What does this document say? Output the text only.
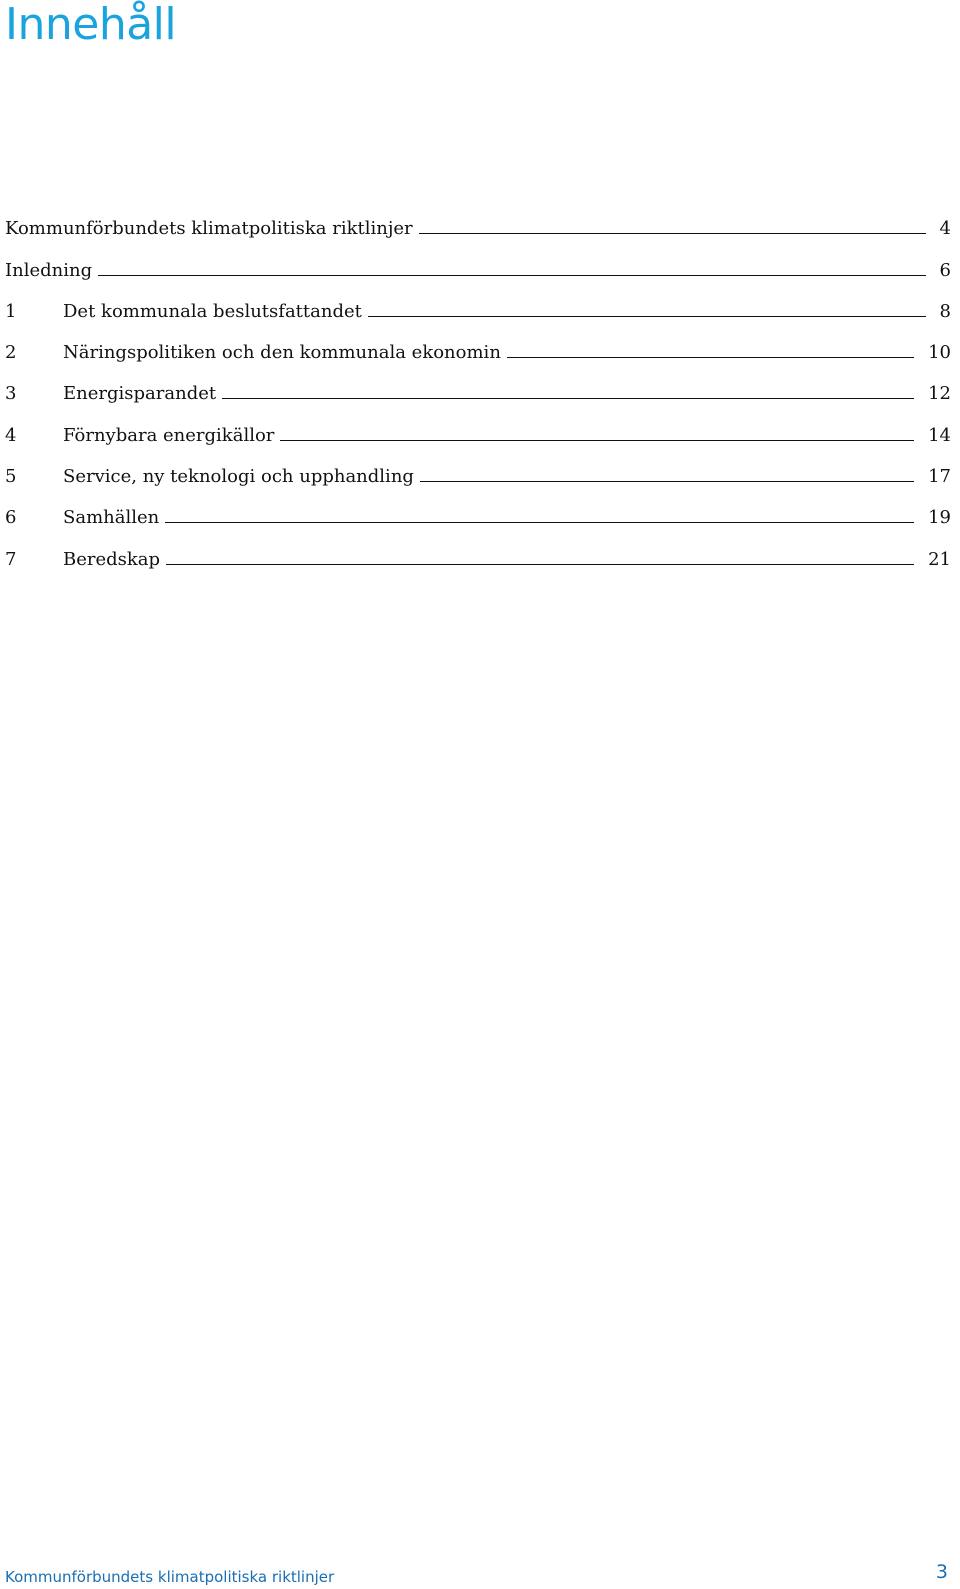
Innehåll
Kommunförbundets klimatpolitiska riktlinjer	4
Inledning	6
1	Det kommunala beslutsfattandet	8
2	Näringspolitiken och den kommunala ekonomin	10
3	Energisparandet	12
4	Förnybara energikällor	14
5	Service, ny teknologi och upphandling	17
6	Samhällen	19
7	Beredskap	21
Kommunförbundets klimatpolitiska riktlinjer	3
